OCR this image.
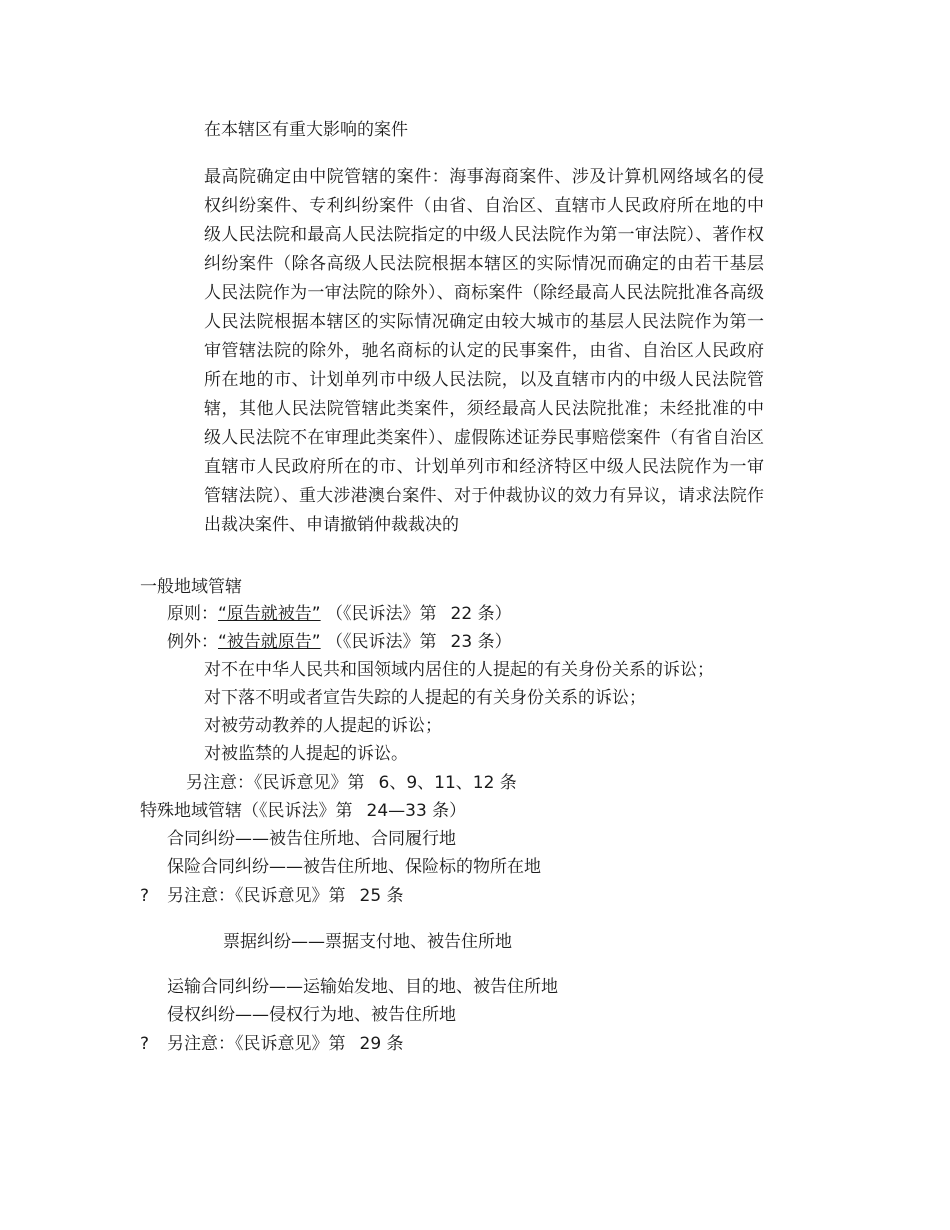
在本辖区有重大影响的案件

最高院确定由中院管辖的案件：海事海商案件、涉及计算机网络域名的侵权纠纷案件、专利纠纷案件（由省、自治区、直辖市人民政府所在地的中级人民法院和最高人民法院指定的中级人民法院作为第一审法院）、著作权纠纷案件（除各高级人民法院根据本辖区的实际情况而确定的由若干基层人民法院作为一审法院的除外）、商标案件（除经最高人民法院批准各高级人民法院根据本辖区的实际情况确定由较大城市的基层人民法院作为第一审管辖法院的除外，驰名商标的认定的民事案件，由省、自治区人民政府所在地的市、计划单列市中级人民法院，以及直辖市内的中级人民法院管辖，其他人民法院管辖此类案件，须经最高人民法院批准；未经批准的中级人民法院不在审理此类案件）、虚假陈述证券民事赔偿案件（有省自治区直辖市人民政府所在的市、计划单列市和经济特区中级人民法院作为一审管辖法院）、重大涉港澳台案件、对于仲裁协议的效力有异议，请求法院作出裁决案件、申请撤销仲裁裁决的

一般地域管辖
原则：“原告就被告” （《民诉法》第 22 条）
例外：“被告就原告” （《民诉法》第 23 条）
对不在中华人民共和国领域内居住的人提起的有关身份关系的诉讼；
对下落不明或者宣告失踪的人提起的有关身份关系的诉讼；
对被劳动教养的人提起的诉讼；
对被监禁的人提起的诉讼。
另注意：《民诉意见》第 6、9、11、12 条
特殊地域管辖（《民诉法》第 24—33 条）
合同纠纷——被告住所地、合同履行地
保险合同纠纷——被告住所地、保险标的物所在地
? 另注意：《民诉意见》第 25 条
票据纠纷——票据支付地、被告住所地
运输合同纠纷——运输始发地、目的地、被告住所地
侵权纠纷——侵权行为地、被告住所地
? 另注意：《民诉意见》第 29 条
